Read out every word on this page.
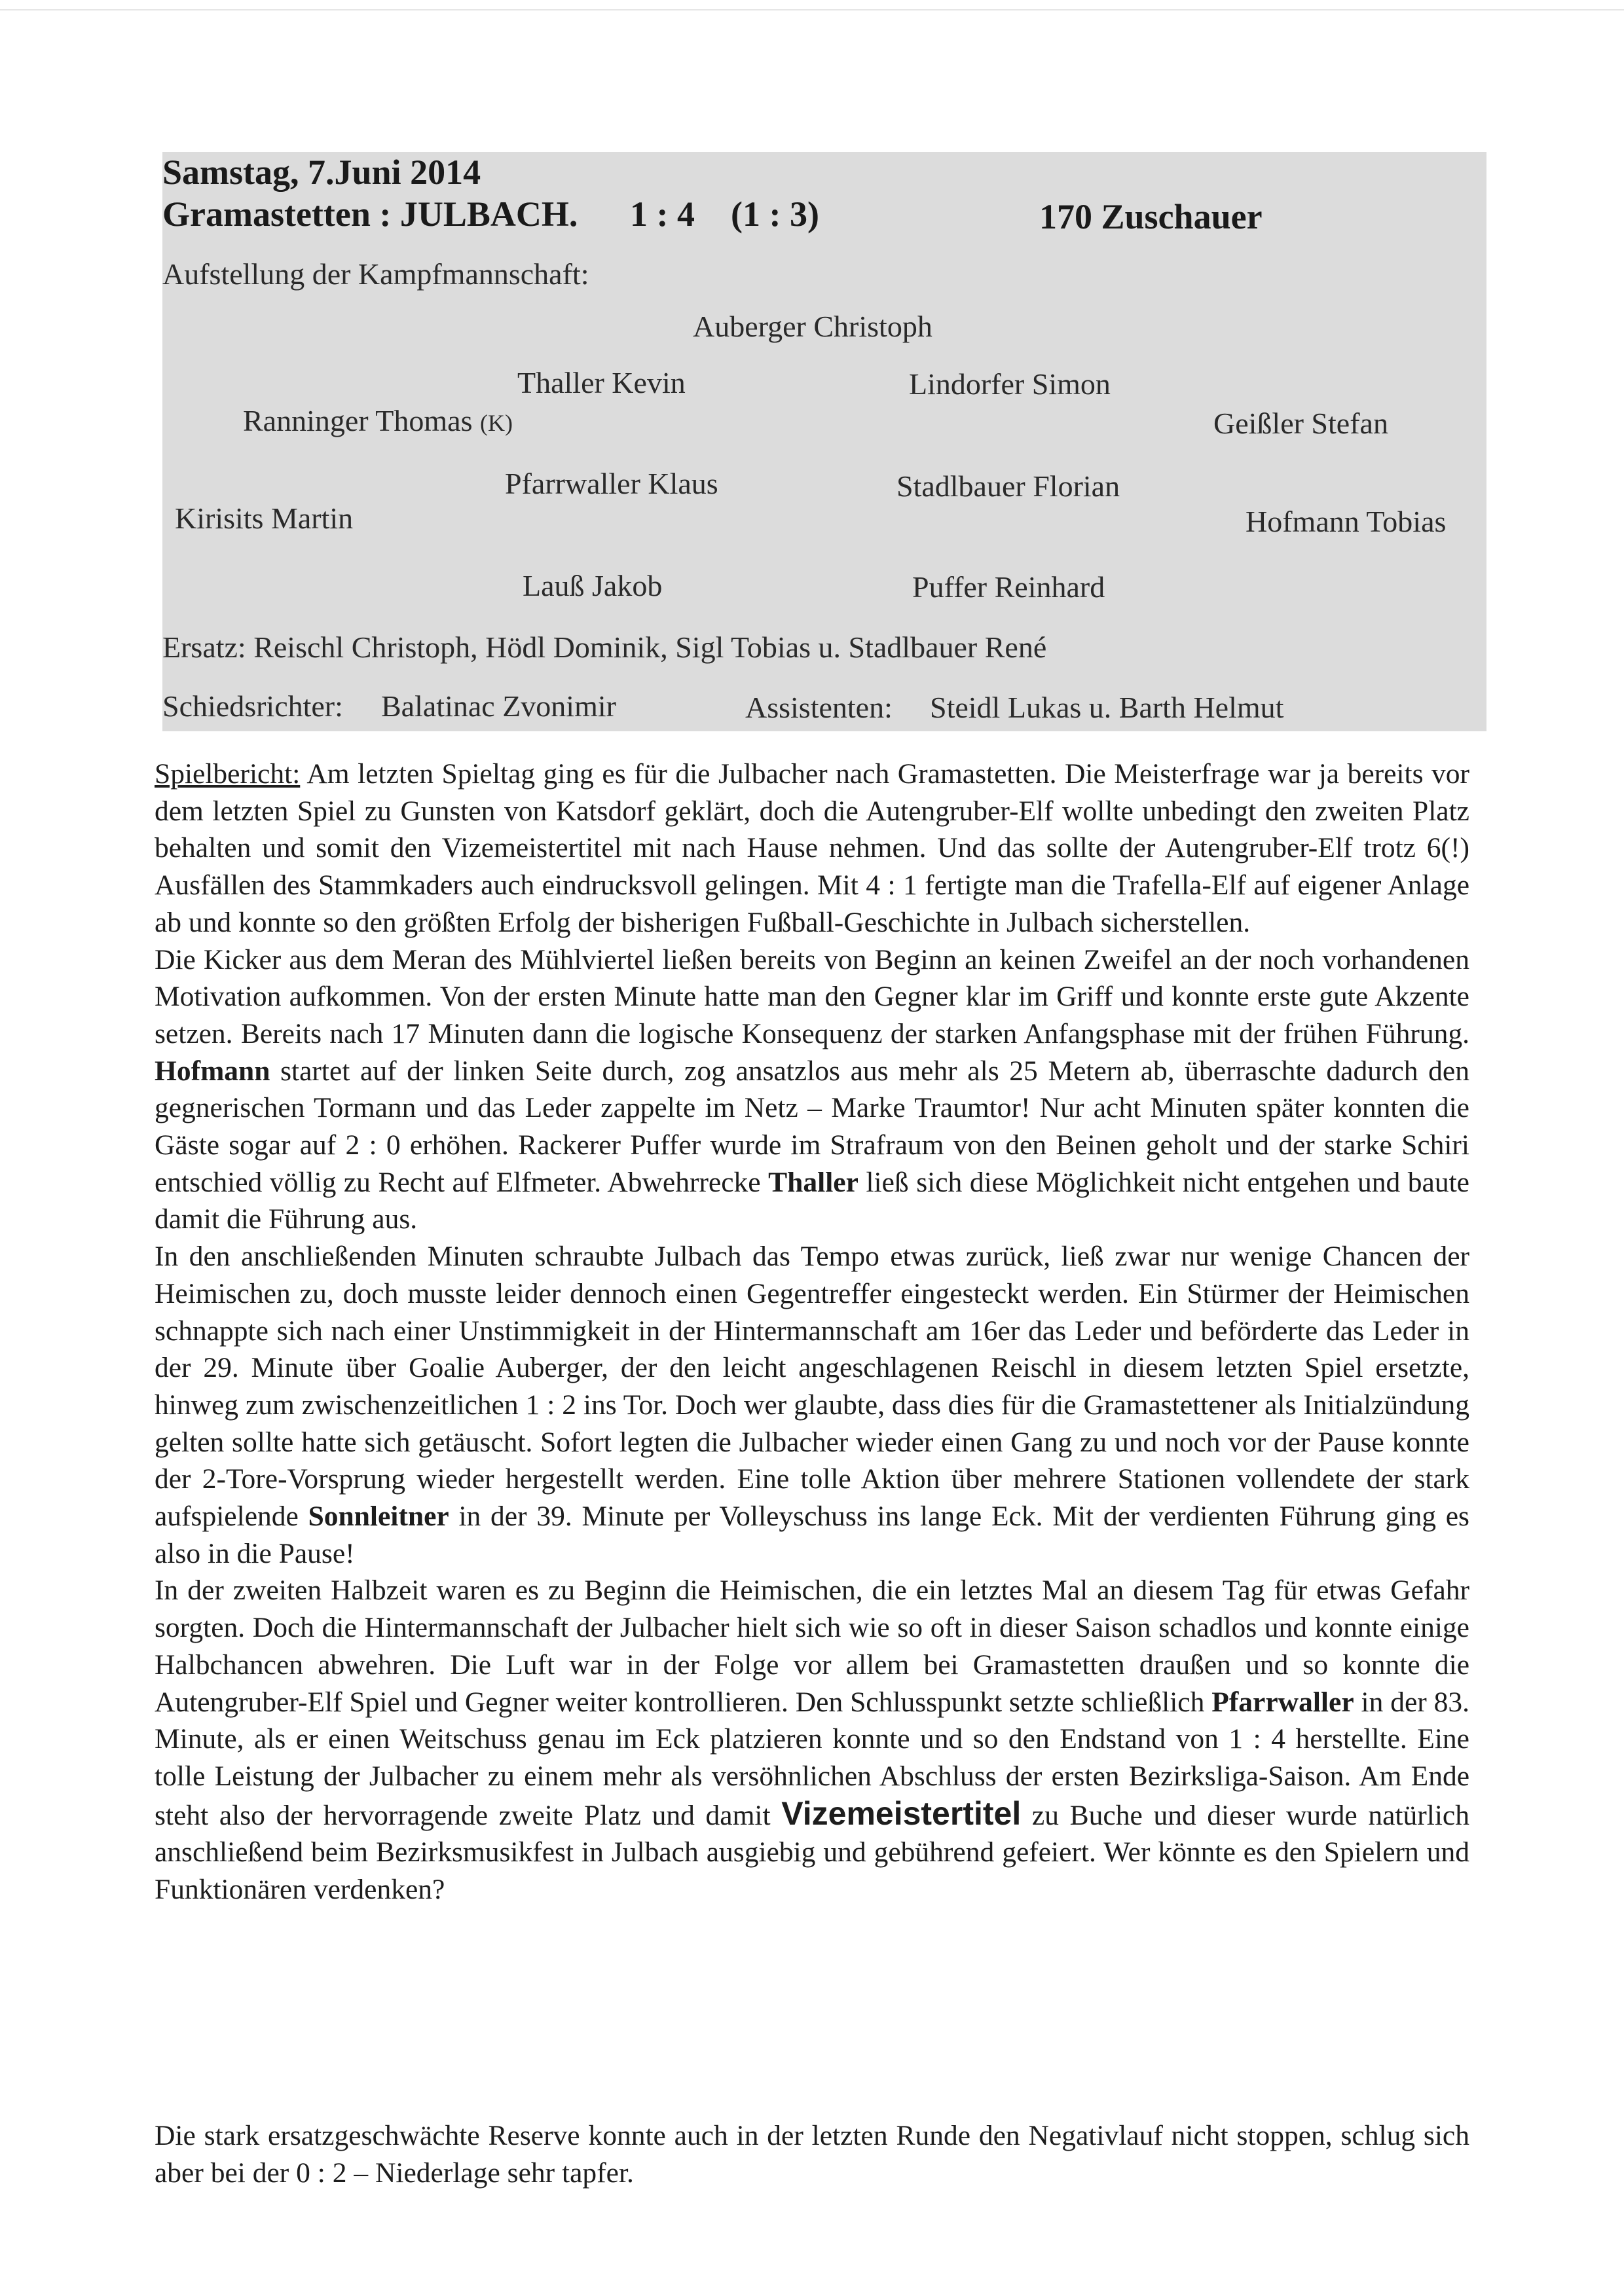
Samstag, 7.Juni 2014
Gramastetten : JULBACH. 1 : 4 (1 : 3)	170 Zuschauer
Aufstellung der Kampfmannschaft:
Auberger Christoph
Thaller Kevin	Lindorfer Simon
Ranninger Thomas (K)	Geißler Stefan
Pfarrwaller Klaus	Stadlbauer Florian
Kirisits Martin	Hofmann Tobias
Lauß Jakob	Puffer Reinhard
Ersatz: Reischl Christoph, Hödl Dominik, Sigl Tobias u. Stadlbauer René
Schiedsrichter: Balatinac Zvonimir	Assistenten: Steidl Lukas u. Barth Helmut

Spielbericht: Am letzten Spieltag ging es für die Julbacher nach Gramastetten. Die Meisterfrage war ja bereits vor dem letzten Spiel zu Gunsten von Katsdorf geklärt, doch die Autengruber-Elf wollte unbedingt den zweiten Platz behalten und somit den Vizemeistertitel mit nach Hause nehmen. Und das sollte der Autengruber-Elf trotz 6(!) Ausfällen des Stammkaders auch eindrucksvoll gelingen. Mit 4 : 1 fertigte man die Trafella-Elf auf eigener Anlage ab und konnte so den größten Erfolg der bisherigen Fußball-Geschichte in Julbach sicherstellen.

Die Kicker aus dem Meran des Mühlviertel ließen bereits von Beginn an keinen Zweifel an der noch vorhandenen Motivation aufkommen. Von der ersten Minute hatte man den Gegner klar im Griff und konnte erste gute Akzente setzen. Bereits nach 17 Minuten dann die logische Konsequenz der starken Anfangsphase mit der frühen Führung. Hofmann startet auf der linken Seite durch, zog ansatzlos aus mehr als 25 Metern ab, überraschte dadurch den gegnerischen Tormann und das Leder zappelte im Netz – Marke Traumtor! Nur acht Minuten später konnten die Gäste sogar auf 2 : 0 erhöhen. Rackerer Puffer wurde im Strafraum von den Beinen geholt und der starke Schiri entschied völlig zu Recht auf Elfmeter. Abwehrrecke Thaller ließ sich diese Möglichkeit nicht entgehen und baute damit die Führung aus.

In den anschließenden Minuten schraubte Julbach das Tempo etwas zurück, ließ zwar nur wenige Chancen der Heimischen zu, doch musste leider dennoch einen Gegentreffer eingesteckt werden. Ein Stürmer der Heimischen schnappte sich nach einer Unstimmigkeit in der Hintermannschaft am 16er das Leder und beförderte das Leder in der 29. Minute über Goalie Auberger, der den leicht angeschlagenen Reischl in diesem letzten Spiel ersetzte, hinweg zum zwischenzeitlichen 1 : 2 ins Tor. Doch wer glaubte, dass dies für die Gramastettener als Initialzündung gelten sollte hatte sich getäuscht. Sofort legten die Julbacher wieder einen Gang zu und noch vor der Pause konnte der 2-Tore-Vorsprung wieder hergestellt werden. Eine tolle Aktion über mehrere Stationen vollendete der stark aufspielende Sonnleitner in der 39. Minute per Volleyschuss ins lange Eck. Mit der verdienten Führung ging es also in die Pause!

In der zweiten Halbzeit waren es zu Beginn die Heimischen, die ein letztes Mal an diesem Tag für etwas Gefahr sorgten. Doch die Hintermannschaft der Julbacher hielt sich wie so oft in dieser Saison schadlos und konnte einige Halbchancen abwehren. Die Luft war in der Folge vor allem bei Gramastetten draußen und so konnte die Autengruber-Elf Spiel und Gegner weiter kontrollieren. Den Schlusspunkt setzte schließlich Pfarrwaller in der 83. Minute, als er einen Weitschuss genau im Eck platzieren konnte und so den Endstand von 1 : 4 herstellte. Eine tolle Leistung der Julbacher zu einem mehr als versöhnlichen Abschluss der ersten Bezirksliga-Saison. Am Ende steht also der hervorragende zweite Platz und damit Vizemeistertitel zu Buche und dieser wurde natürlich anschließend beim Bezirksmusikfest in Julbach ausgiebig und gebührend gefeiert. Wer könnte es den Spielern und Funktionären verdenken?

Die stark ersatzgeschwächte Reserve konnte auch in der letzten Runde den Negativlauf nicht stoppen, schlug sich aber bei der 0 : 2 – Niederlage sehr tapfer.
